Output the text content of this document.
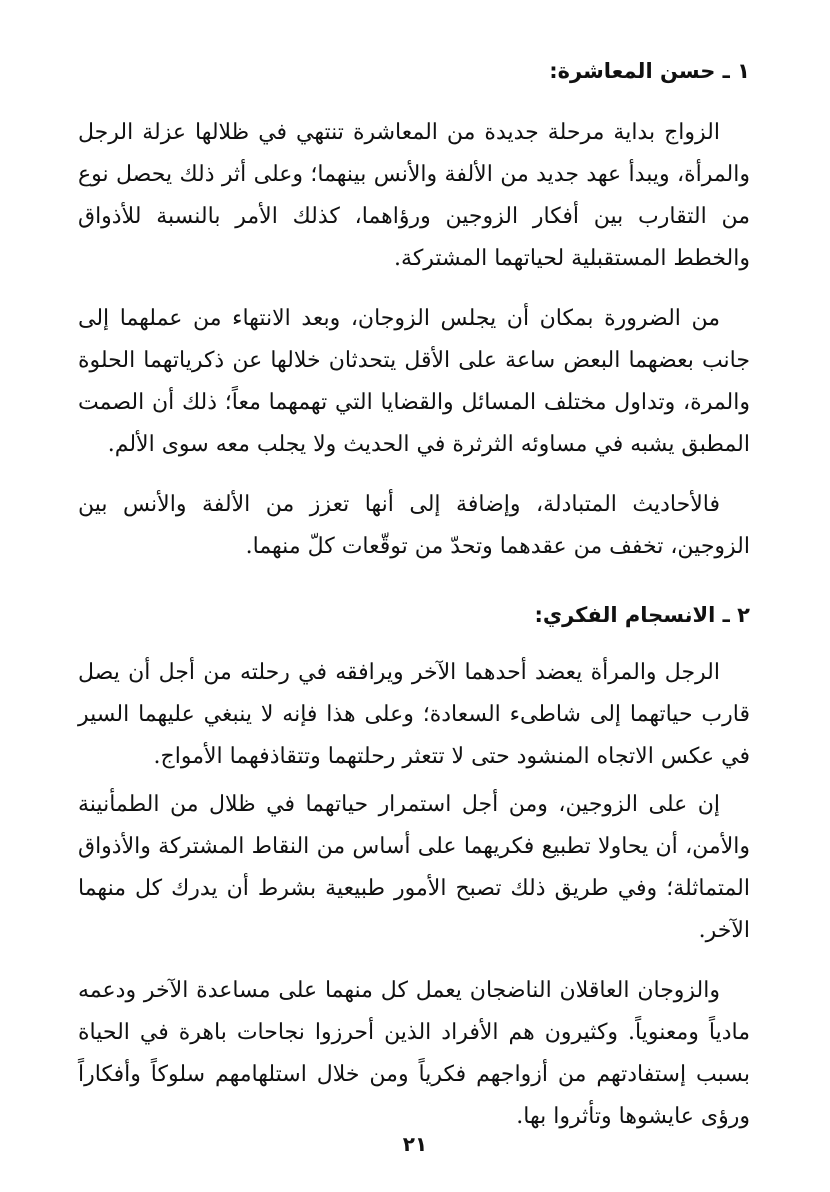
١ ـ حسن المعاشرة:

الزواج بداية مرحلة جديدة من المعاشرة تنتهي في ظلالها عزلة الرجل والمرأة، ويبدأ عهد جديد من الألفة والأنس بينهما؛ وعلى أثر ذلك يحصل نوع من التقارب بين أفكار الزوجين ورؤاهما، كذلك الأمر بالنسبة للأذواق والخطط المستقبلية لحياتهما المشتركة.

من الضرورة بمكان أن يجلس الزوجان، وبعد الانتهاء من عملهما إلى جانب بعضهما البعض ساعة على الأقل يتحدثان خلالها عن ذكرياتهما الحلوة والمرة، وتداول مختلف المسائل والقضايا التي تهمهما معاً؛ ذلك أن الصمت المطبق يشبه في مساوئه الثرثرة في الحديث ولا يجلب معه سوى الألم.

فالأحاديث المتبادلة، وإضافة إلى أنها تعزز من الألفة والأنس بين الزوجين، تخفف من عقدهما وتحدّ من توقّعات كلّ منهما.

٢ ـ الانسجام الفكري:

الرجل والمرأة يعضد أحدهما الآخر ويرافقه في رحلته من أجل أن يصل قارب حياتهما إلى شاطىء السعادة؛ وعلى هذا فإنه لا ينبغي عليهما السير في عكس الاتجاه المنشود حتى لا تتعثر رحلتهما وتتقاذفهما الأمواج.

إن على الزوجين، ومن أجل استمرار حياتهما في ظلال من الطمأنينة والأمن، أن يحاولا تطبيع فكريهما على أساس من النقاط المشتركة والأذواق المتماثلة؛ وفي طريق ذلك تصبح الأمور طبيعية بشرط أن يدرك كل منهما الآخر.

والزوجان العاقلان الناضجان يعمل كل منهما على مساعدة الآخر ودعمه مادياً ومعنوياً. وكثيرون هم الأفراد الذين أحرزوا نجاحات باهرة في الحياة بسبب إستفادتهم من أزواجهم فكرياً ومن خلال استلهامهم سلوكاً وأفكاراً ورؤى عايشوها وتأثروا بها.

٢١
